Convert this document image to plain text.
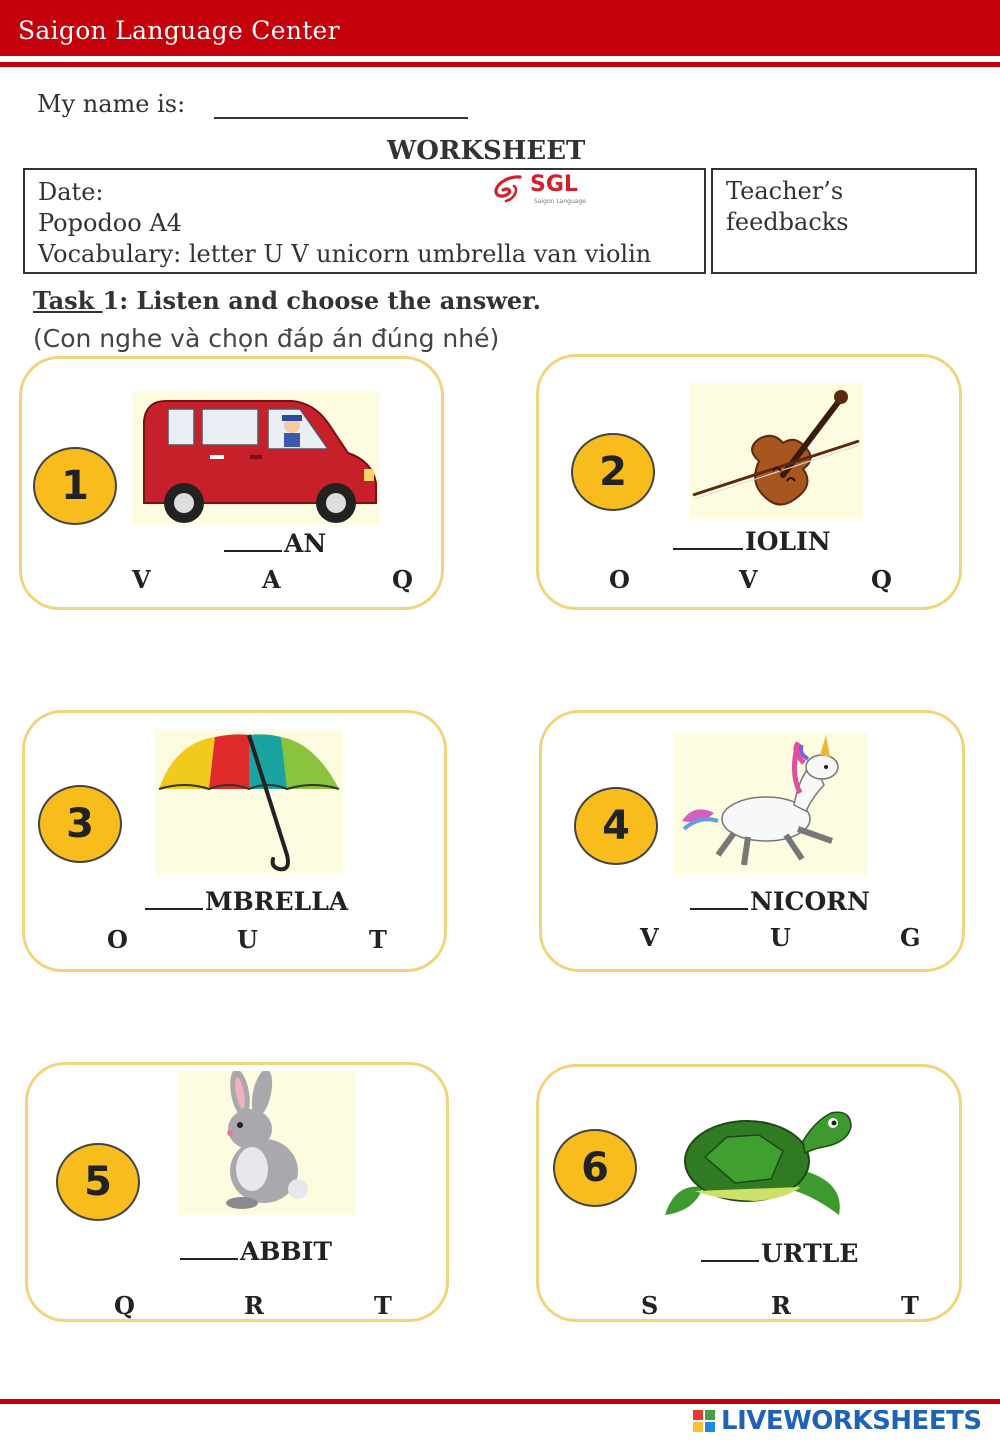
Saigon Language Center
My name is:
WORKSHEET
Date:
Popodoo A4
Vocabulary: letter U V unicorn umbrella van violin
SGL
Saigon Language	Teacher’s feedbacks
Task 1: Listen and choose the answer.
(Con nghe và chọn đáp án đúng nhé)
1
AN
V	A	Q
2
IOLIN
O	V	Q
3
MBRELLA
O	U	T
4
NICORN
V	U	G
5
ABBIT
Q	R	T
6
URTLE
S	R	T
LIVEWORKSHEETS
